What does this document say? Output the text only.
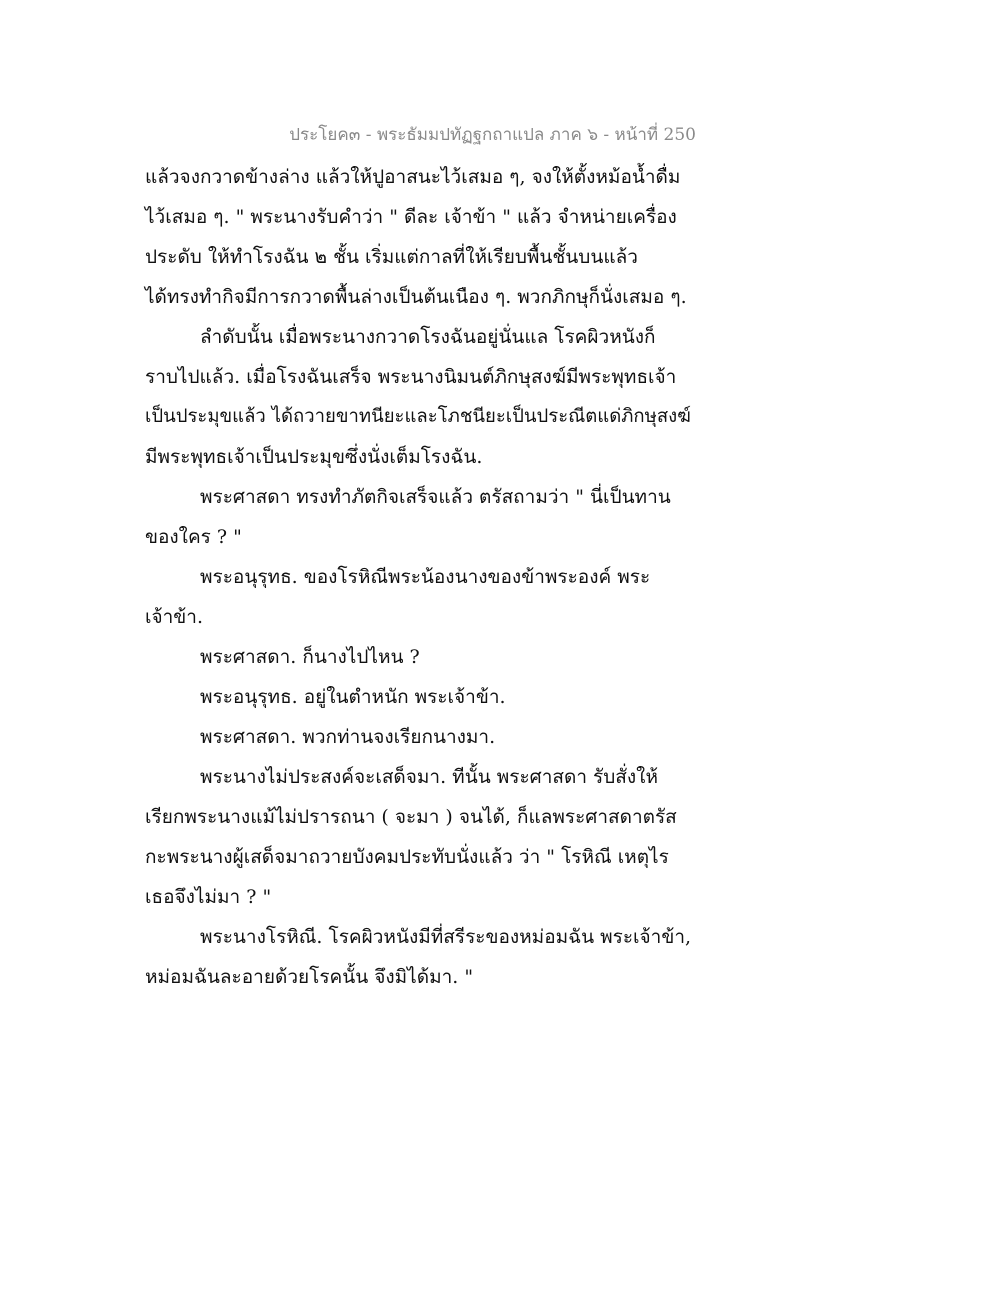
ประโยค๓ - พระธัมมปทัฏฐกถาแปล ภาค ๖ - หน้าที่ 250
แล้วจงกวาดข้างล่าง แล้วให้ปูอาสนะไว้เสมอ ๆ, จงให้ตั้งหม้อน้ำดื่ม
ไว้เสมอ ๆ. " พระนางรับคำว่า " ดีละ เจ้าข้า " แล้ว จำหน่ายเครื่อง
ประดับ ให้ทำโรงฉัน ๒ ชั้น เริ่มแต่กาลที่ให้เรียบพื้นชั้นบนแล้ว
ได้ทรงทำกิจมีการกวาดพื้นล่างเป็นต้นเนือง ๆ. พวกภิกษุก็นั่งเสมอ ๆ.
ลำดับนั้น เมื่อพระนางกวาดโรงฉันอยู่นั่นแล โรคผิวหนังก็
ราบไปแล้ว. เมื่อโรงฉันเสร็จ พระนางนิมนต์ภิกษุสงฆ์มีพระพุทธเจ้า
เป็นประมุขแล้ว ได้ถวายขาทนียะและโภชนียะเป็นประณีตแด่ภิกษุสงฆ์
มีพระพุทธเจ้าเป็นประมุขซึ่งนั่งเต็มโรงฉัน.
พระศาสดา ทรงทำภัตกิจเสร็จแล้ว ตรัสถามว่า " นี่เป็นทาน
ของใคร ? "
พระอนุรุทธ. ของโรหิณีพระน้องนางของข้าพระองค์ พระ
เจ้าข้า.
พระศาสดา. ก็นางไปไหน ?
พระอนุรุทธ. อยู่ในตำหนัก พระเจ้าข้า.
พระศาสดา. พวกท่านจงเรียกนางมา.
พระนางไม่ประสงค์จะเสด็จมา. ทีนั้น พระศาสดา รับสั่งให้
เรียกพระนางแม้ไม่ปรารถนา ( จะมา ) จนได้, ก็แลพระศาสดาตรัส
กะพระนางผู้เสด็จมาถวายบังคมประทับนั่งแล้ว ว่า " โรหิณี เหตุไร
เธอจึงไม่มา ? "
พระนางโรหิณี. โรคผิวหนังมีที่สรีระของหม่อมฉัน พระเจ้าข้า,
หม่อมฉันละอายด้วยโรคนั้น จึงมิได้มา. "
